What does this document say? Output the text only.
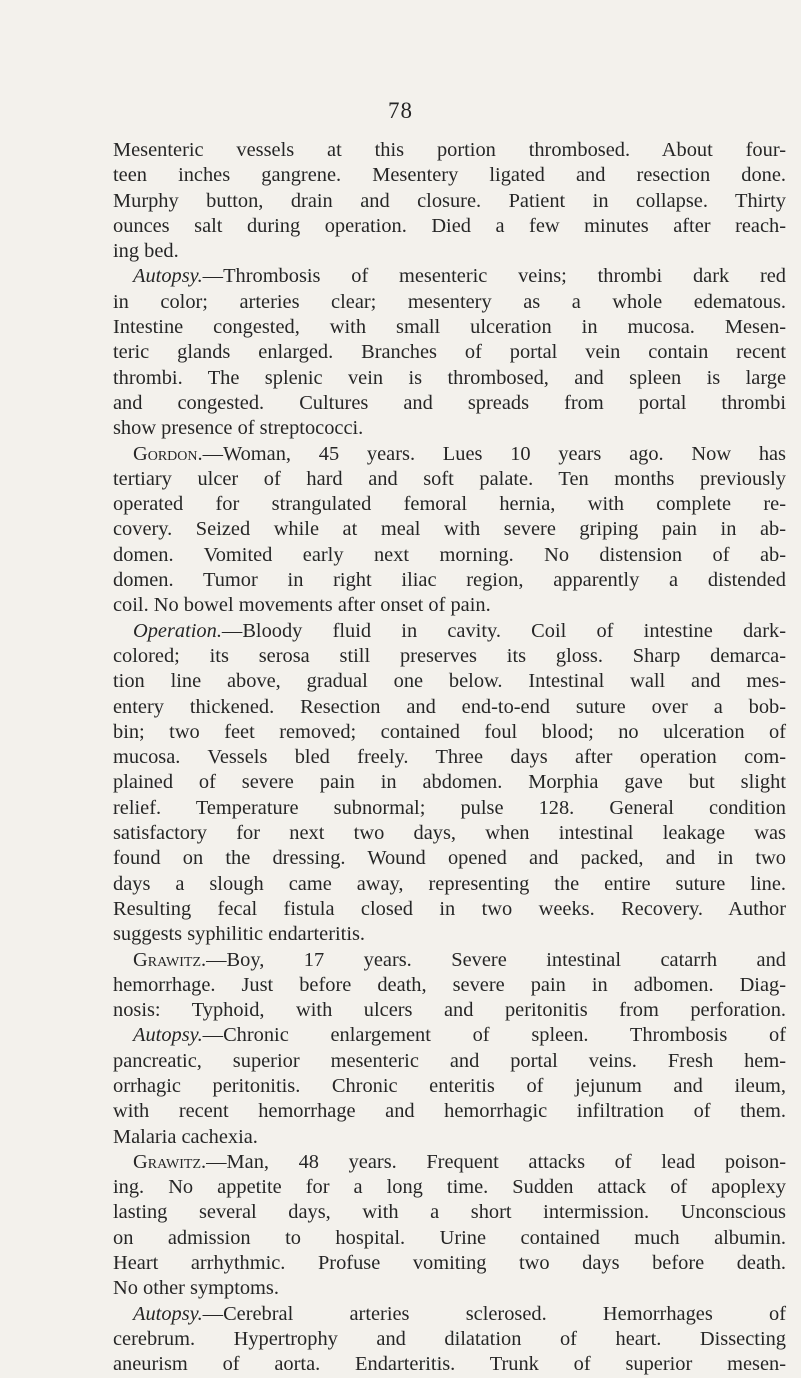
78
Mesenteric vessels at this portion thrombosed. About four-
teen inches gangrene. Mesentery ligated and resection done.
Murphy button, drain and closure. Patient in collapse. Thirty
ounces salt during operation. Died a few minutes after reach-
ing bed.
Autopsy.—Thrombosis of mesenteric veins; thrombi dark red
in color; arteries clear; mesentery as a whole edematous.
Intestine congested, with small ulceration in mucosa. Mesen-
teric glands enlarged. Branches of portal vein contain recent
thrombi. The splenic vein is thrombosed, and spleen is large
and congested. Cultures and spreads from portal thrombi
show presence of streptococci.
Gordon.—Woman, 45 years. Lues 10 years ago. Now has
tertiary ulcer of hard and soft palate. Ten months previously
operated for strangulated femoral hernia, with complete re-
covery. Seized while at meal with severe griping pain in ab-
domen. Vomited early next morning. No distension of ab-
domen. Tumor in right iliac region, apparently a distended
coil. No bowel movements after onset of pain.
Operation.—Bloody fluid in cavity. Coil of intestine dark-
colored; its serosa still preserves its gloss. Sharp demarca-
tion line above, gradual one below. Intestinal wall and mes-
entery thickened. Resection and end-to-end suture over a bob-
bin; two feet removed; contained foul blood; no ulceration of
mucosa. Vessels bled freely. Three days after operation com-
plained of severe pain in abdomen. Morphia gave but slight
relief. Temperature subnormal; pulse 128. General condition
satisfactory for next two days, when intestinal leakage was
found on the dressing. Wound opened and packed, and in two
days a slough came away, representing the entire suture line.
Resulting fecal fistula closed in two weeks. Recovery. Author
suggests syphilitic endarteritis.
Grawitz.—Boy, 17 years. Severe intestinal catarrh and
hemorrhage. Just before death, severe pain in adbomen. Diag-
nosis: Typhoid, with ulcers and peritonitis from perforation.
Autopsy.—Chronic enlargement of spleen. Thrombosis of
pancreatic, superior mesenteric and portal veins. Fresh hem-
orrhagic peritonitis. Chronic enteritis of jejunum and ileum,
with recent hemorrhage and hemorrhagic infiltration of them.
Malaria cachexia.
Grawitz.—Man, 48 years. Frequent attacks of lead poison-
ing. No appetite for a long time. Sudden attack of apoplexy
lasting several days, with a short intermission. Unconscious
on admission to hospital. Urine contained much albumin.
Heart arrhythmic. Profuse vomiting two days before death.
No other symptoms.
Autopsy.—Cerebral arteries sclerosed. Hemorrhages of
cerebrum. Hypertrophy and dilatation of heart. Dissecting
aneurism of aorta. Endarteritis. Trunk of superior mesen-
